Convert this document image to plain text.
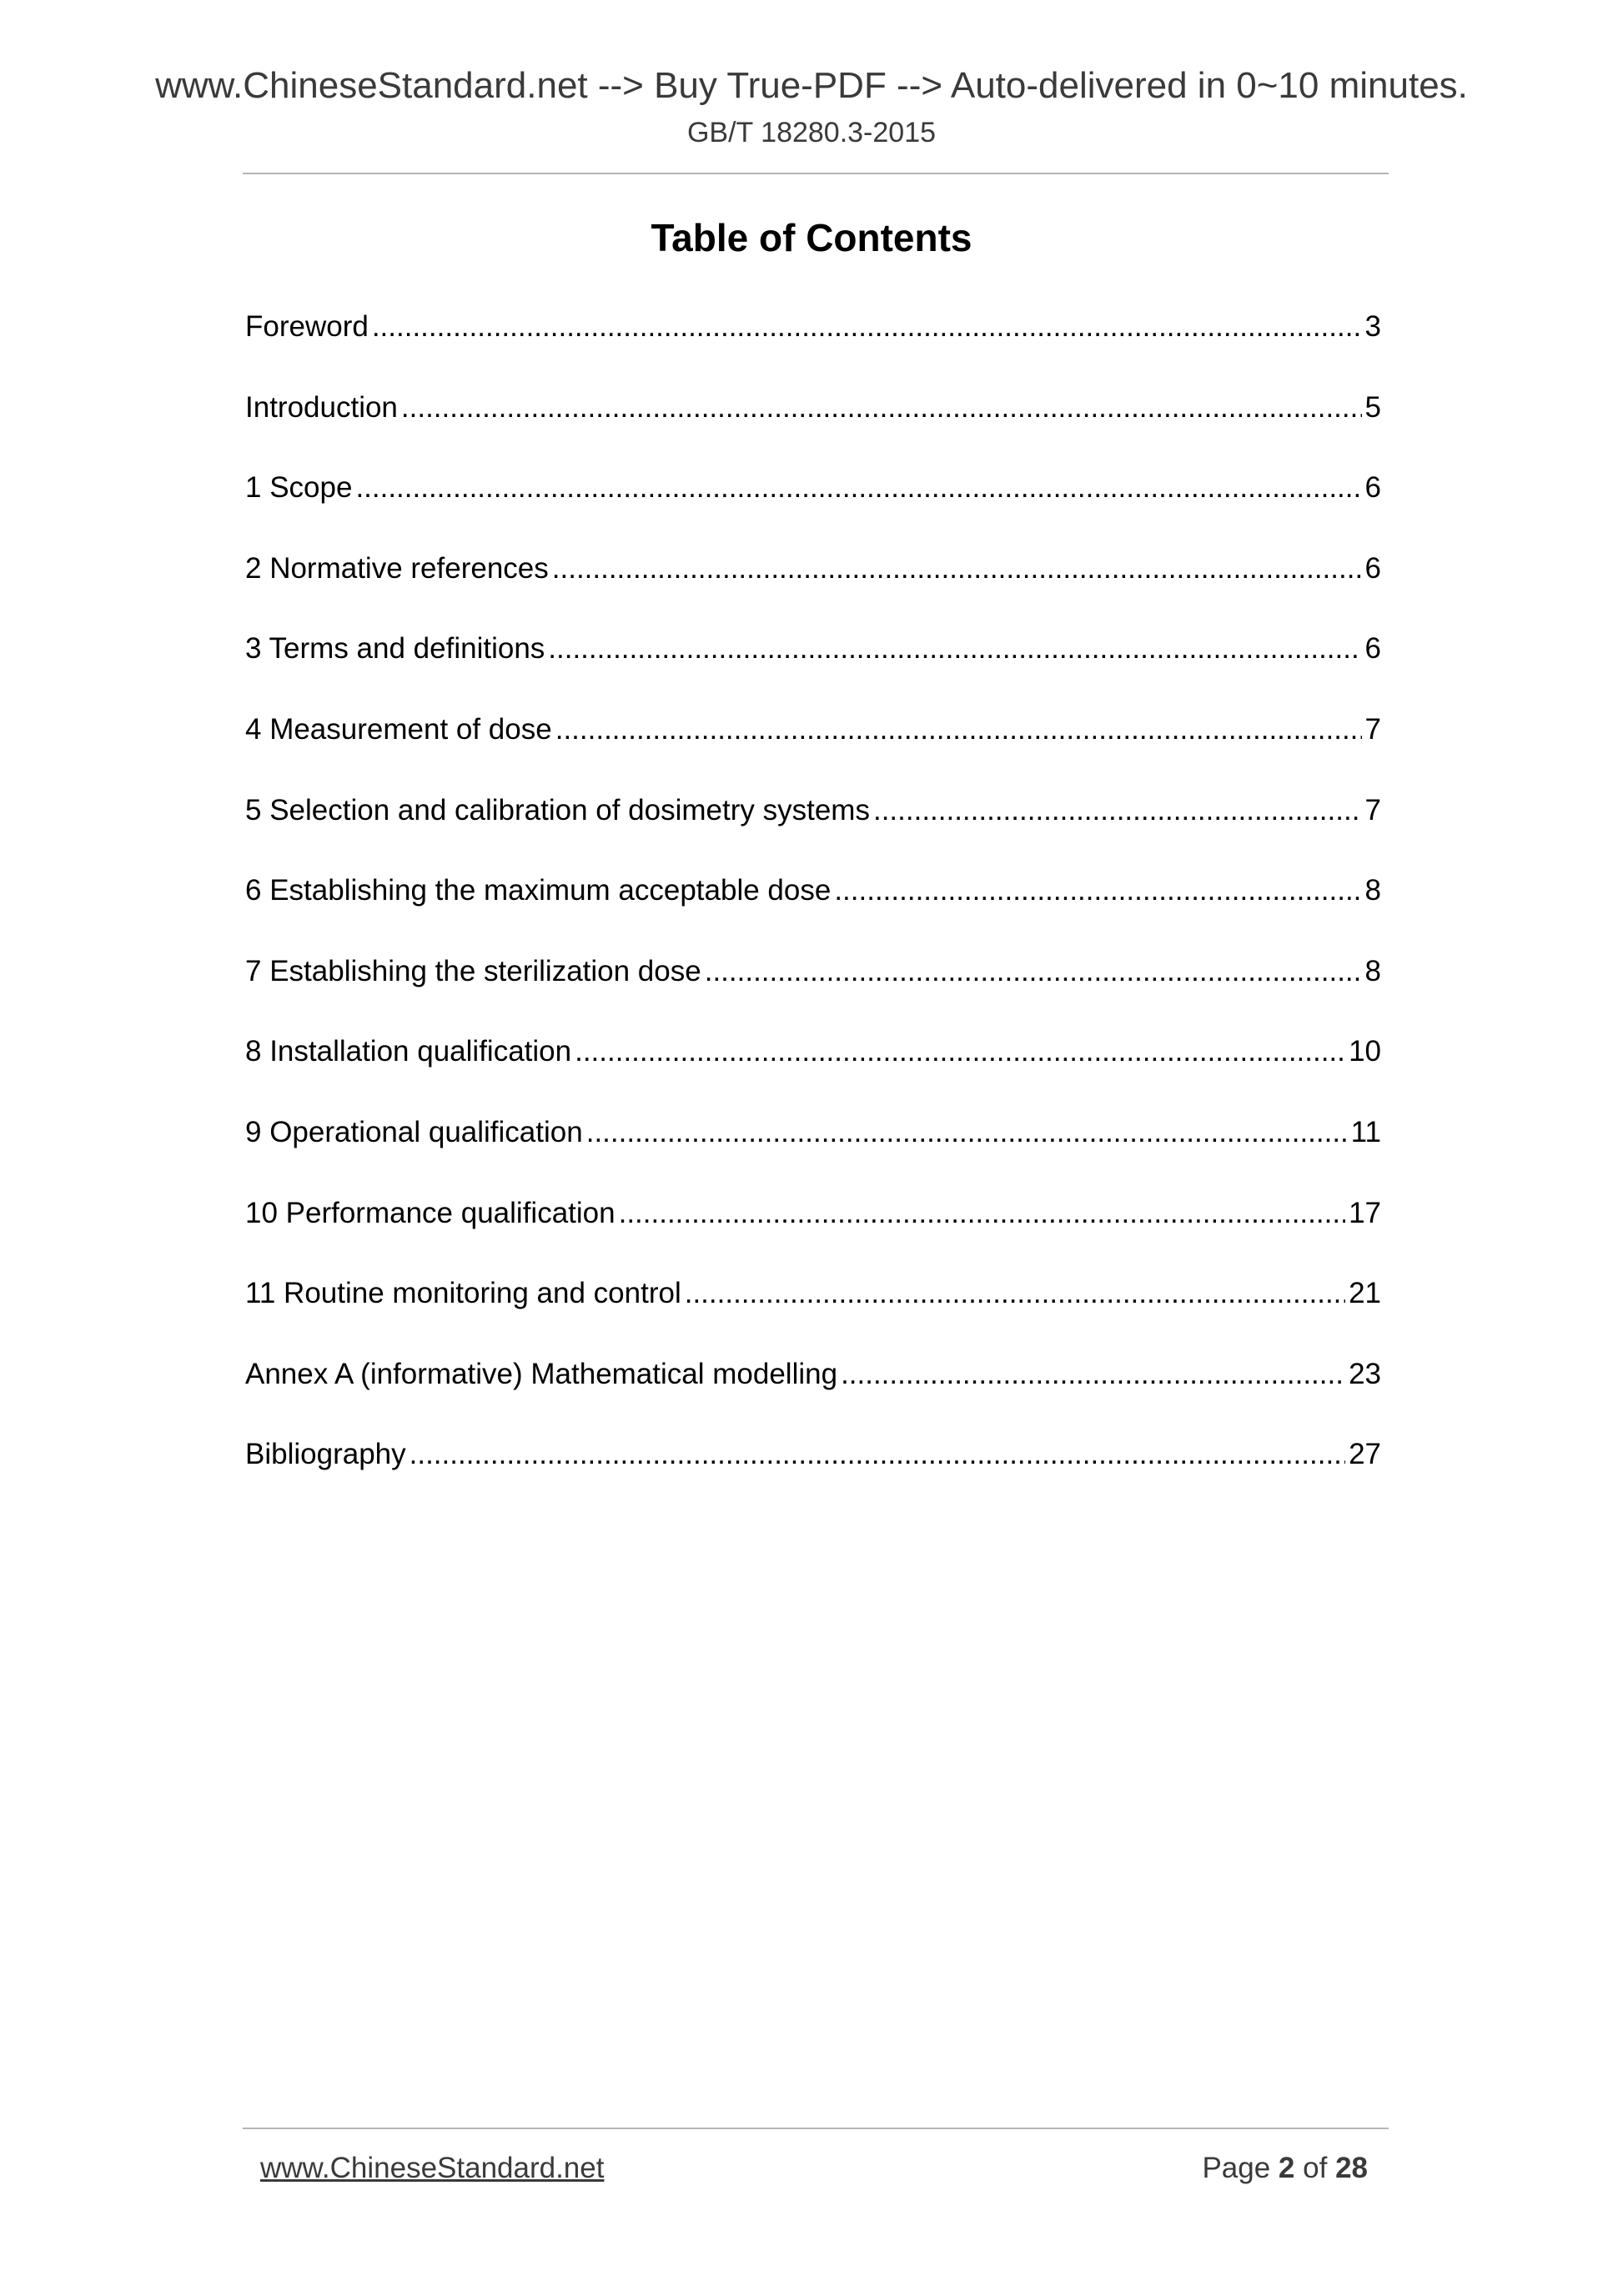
www.ChineseStandard.net --> Buy True-PDF --> Auto-delivered in 0~10 minutes.
GB/T 18280.3-2015
Table of Contents
Foreword .....	3
Introduction .....	5
1 Scope .....	6
2 Normative references .....	6
3 Terms and definitions .....	6
4 Measurement of dose .....	7
5 Selection and calibration of dosimetry systems .....	7
6 Establishing the maximum acceptable dose .....	8
7 Establishing the sterilization dose .....	8
8 Installation qualification .....	10
9 Operational qualification .....	11
10 Performance qualification .....	17
11 Routine monitoring and control .....	21
Annex A (informative) Mathematical modelling .....	23
Bibliography .....	27
www.ChineseStandard.net	Page 2 of 28
